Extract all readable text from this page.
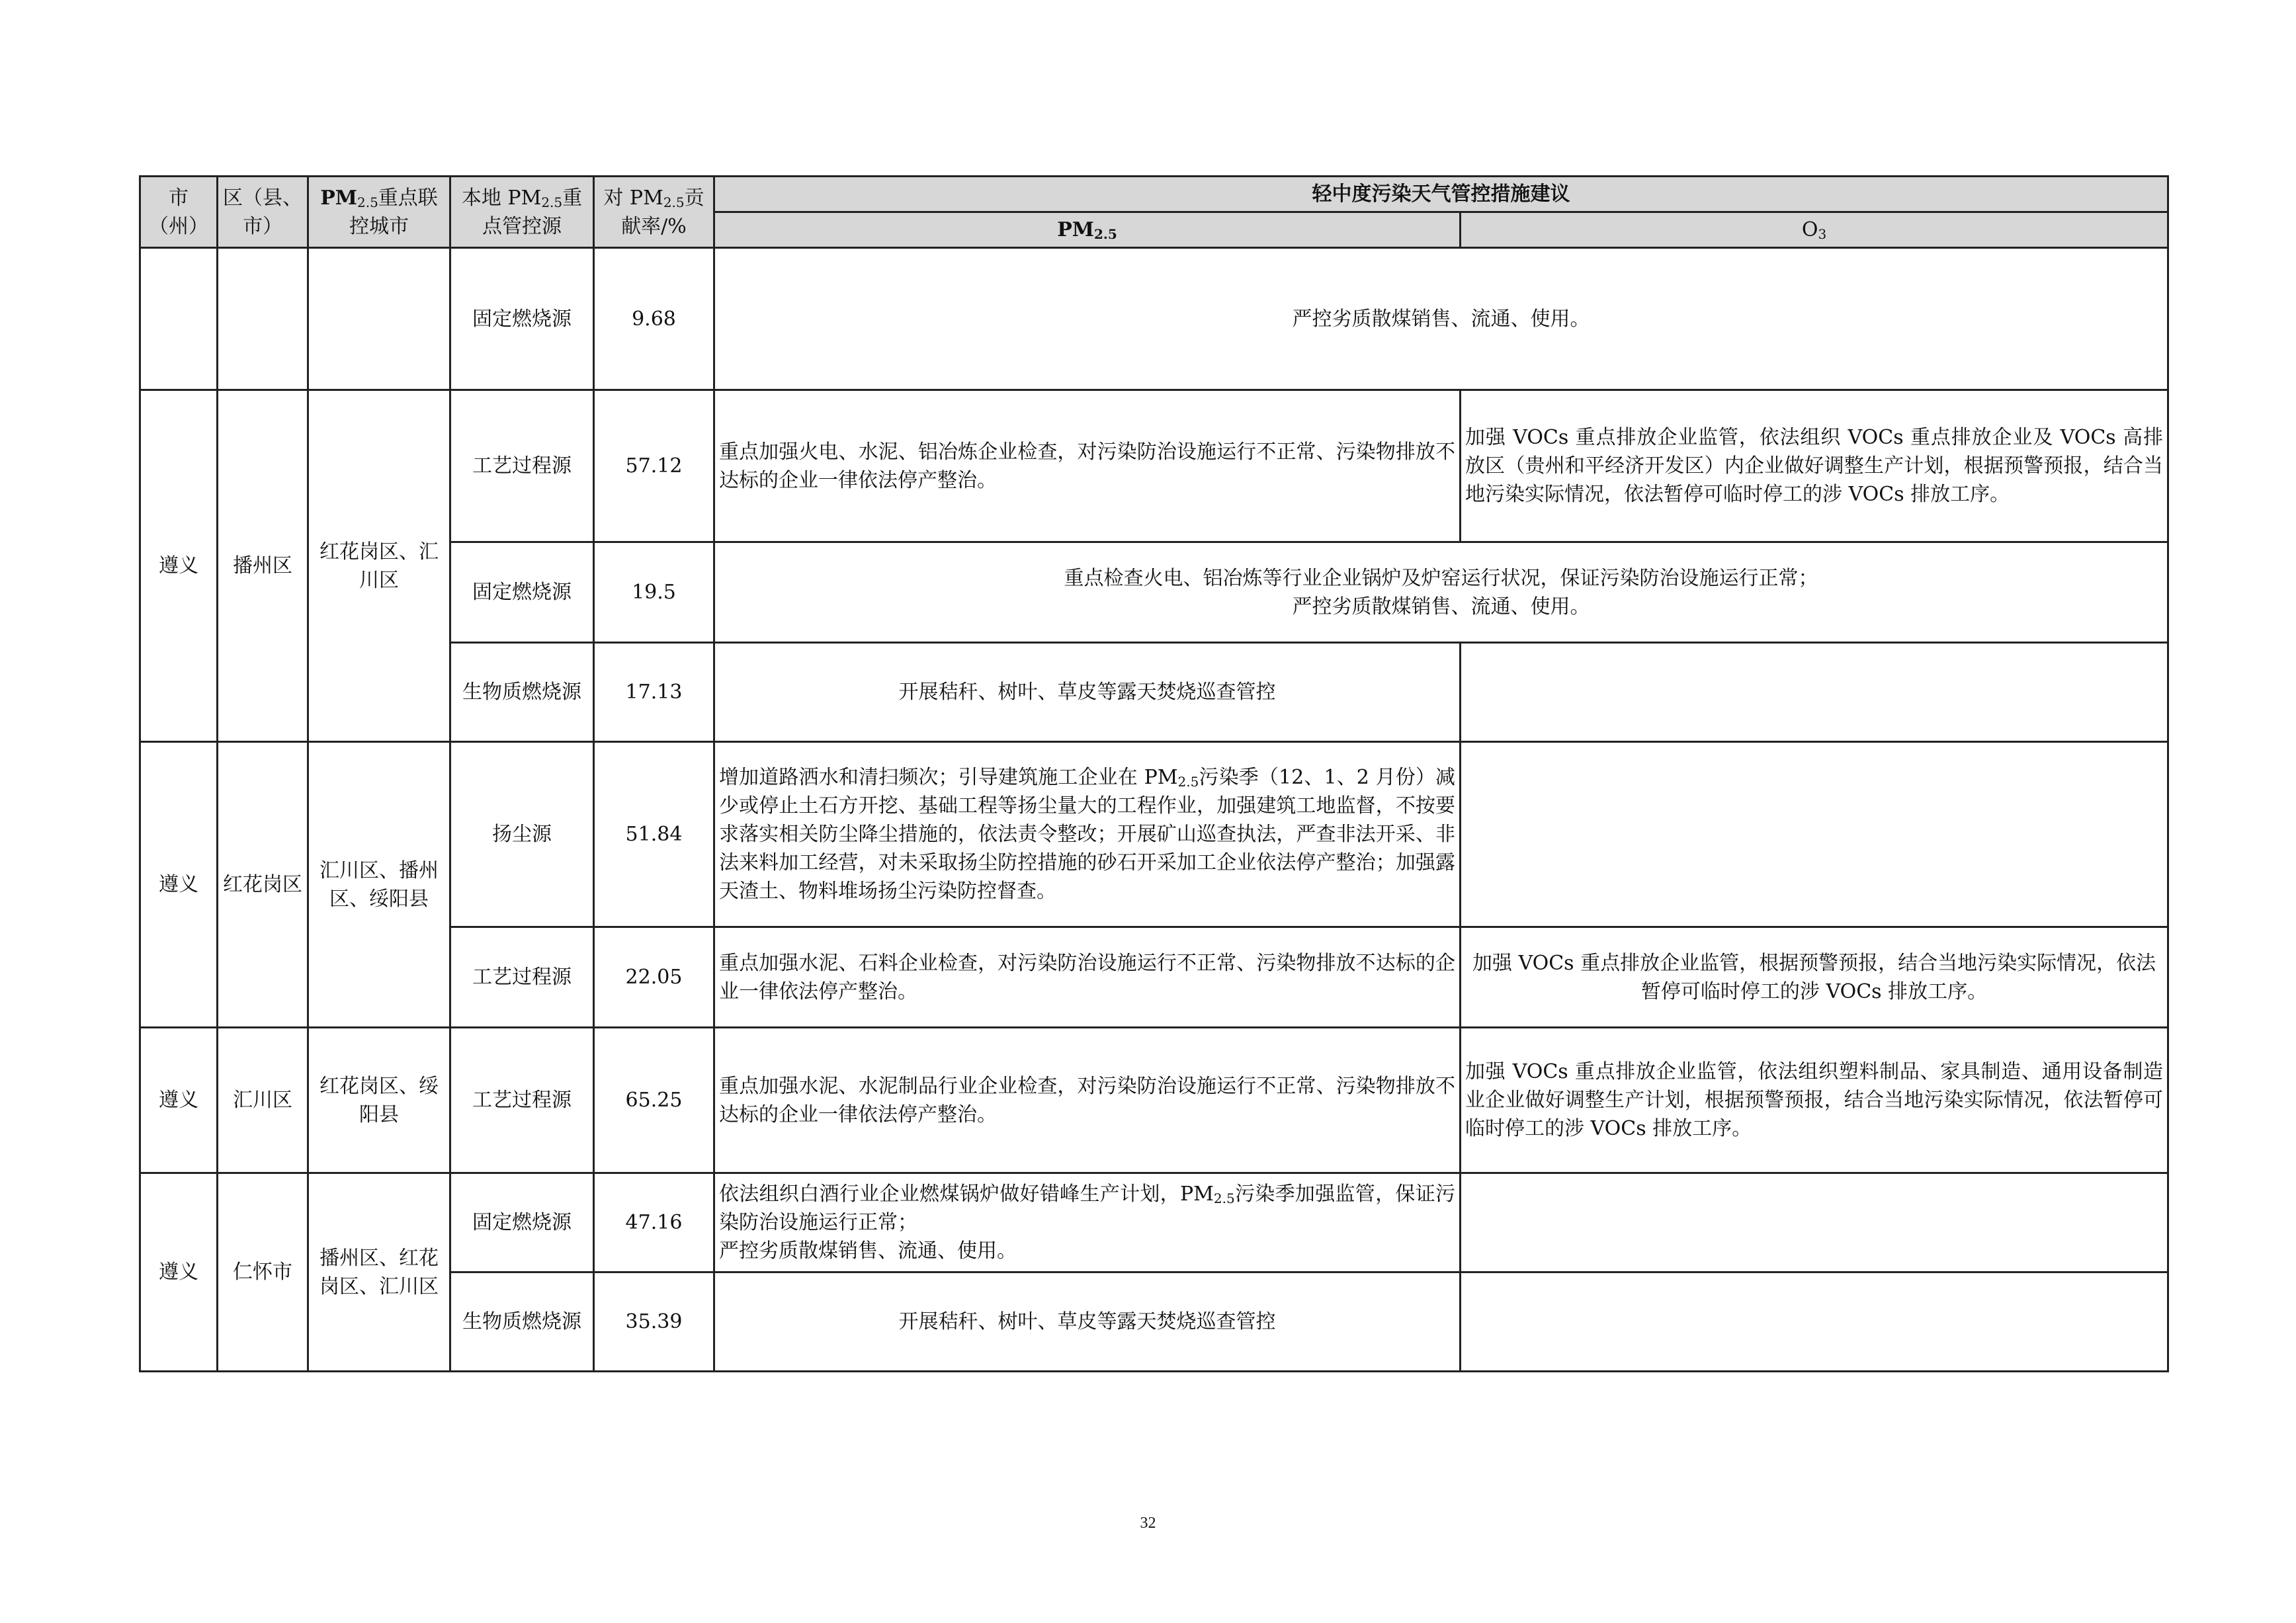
市（州）	区（县、市）	$PM_{2.5}$重点联控城市	本地 $PM_{2.5}$重点管控源	对 $PM_{2.5}$贡献率/%	轻中度污染天气管控措施建议	
					$PM_{2.5}$	$O_3$
			固定燃烧源	9.68	严控劣质散煤销售、流通、使用。	
遵义	播州区	红花岗区、汇川区	工艺过程源	57.12	重点加强火电、水泥、铝冶炼企业检查，对污染防治设施运行不正常、污染物排放不达标的企业一律依法停产整治。	加强 VOCs 重点排放企业监管，依法组织 VOCs 重点排放企业及 VOCs 高排放区（贵州和平经济开发区）内企业做好调整生产计划，根据预警预报，结合当地污染实际情况，依法暂停可临时停工的涉 VOCs 排放工序。
			固定燃烧源	19.5	重点检查火电、铝冶炼等行业企业锅炉及炉窑运行状况，保证污染防治设施运行正常；
严控劣质散煤销售、流通、使用。	
			生物质燃烧源	17.13	开展秸秆、树叶、草皮等露天焚烧巡查管控	
遵义	红花岗区	汇川区、播州区、绥阳县	扬尘源	51.84	增加道路洒水和清扫频次；引导建筑施工企业在 $PM_{2.5}$污染季（12、1、2 月份）减少或停止土石方开挖、基础工程等扬尘量大的工程作业，加强建筑工地监督，不按要求落实相关防尘降尘措施的，依法责令整改；开展矿山巡查执法，严查非法开采、非法来料加工经营，对未采取扬尘防控措施的砂石开采加工企业依法停产整治；加强露天渣土、物料堆场扬尘污染防控督查。	
			工艺过程源	22.05	重点加强水泥、石料企业检查，对污染防治设施运行不正常、污染物排放不达标的企业一律依法停产整治。	加强 VOCs 重点排放企业监管，根据预警预报，结合当地污染实际情况，依法暂停可临时停工的涉 VOCs 排放工序。
遵义	汇川区	红花岗区、绥阳县	工艺过程源	65.25	重点加强水泥、水泥制品行业企业检查，对污染防治设施运行不正常、污染物排放不达标的企业一律依法停产整治。	加强 VOCs 重点排放企业监管，依法组织塑料制品、家具制造、通用设备制造业企业做好调整生产计划，根据预警预报，结合当地污染实际情况，依法暂停可临时停工的涉 VOCs 排放工序。
遵义	仁怀市	播州区、红花岗区、汇川区	固定燃烧源	47.16	依法组织白酒行业企业燃煤锅炉做好错峰生产计划，$PM_{2.5}$污染季加强监管，保证污染防治设施运行正常；
严控劣质散煤销售、流通、使用。	
			生物质燃烧源	35.39	开展秸秆、树叶、草皮等露天焚烧巡查管控	
32
